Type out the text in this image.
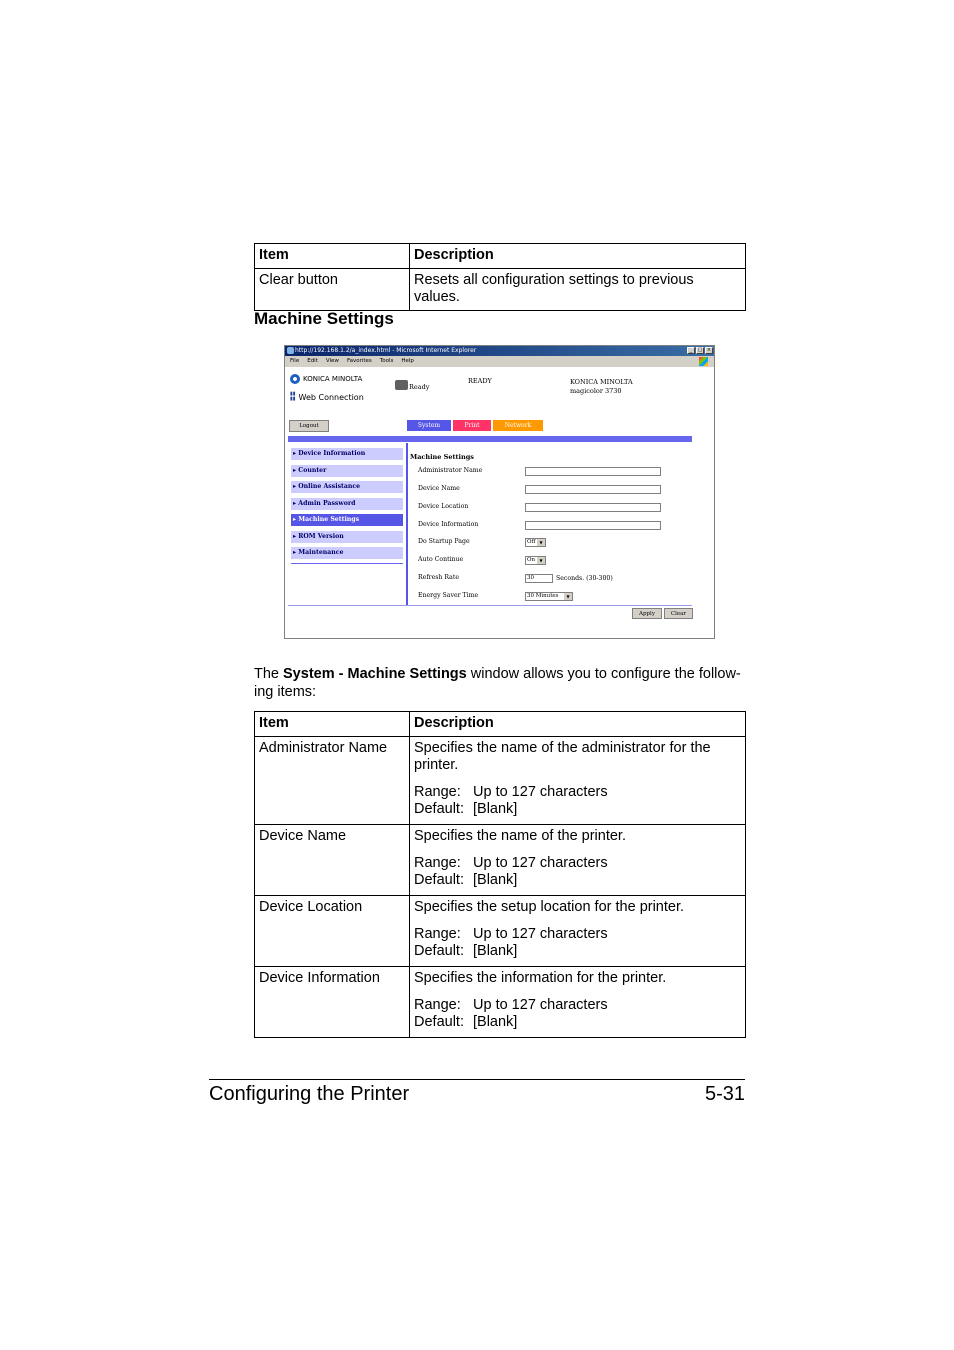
Item	Description
Clear button	Resets all configuration settings to previous values.
Machine Settings
http://192.168.1.2/a_index.html - Microsoft Internet Explorer	_	□ ×
File Edit View Favorites Tools Help
KONICA MINOLTA
▮▮
▮▮ Web Connection
Ready
READY	KONICA MINOLTA
magicolor 3730
Logout	System	Print	Network
▸ Device Information
▸ Counter
▸ Online Assistance
▸ Admin Password
▸ Machine Settings
▸ ROM Version
▸ Maintenance
Machine Settings
Administrator Name
Device Name
Device Location
Device Information
Do Startup Page	Off	▼
Auto Continue	On	▼
Refresh Rate	30	Seconds. (30-300)
Energy Saver Time	30 Minutes	▼
Apply	Clear

The System - Machine Settings window allows you to configure the follow-ing items:

Item	Description
Administrator Name	Specifies the name of the administrator for the printer.

Range: Up to 127 characters
Default: [Blank]

Device Name	Specifies the name of the printer.

Range: Up to 127 characters
Default: [Blank]

Device Location	Specifies the setup location for the printer.

Range: Up to 127 characters
Default: [Blank]

Device Information	Specifies the information for the printer.

Range: Up to 127 characters
Default: [Blank]
Configuring the Printer	5-31
